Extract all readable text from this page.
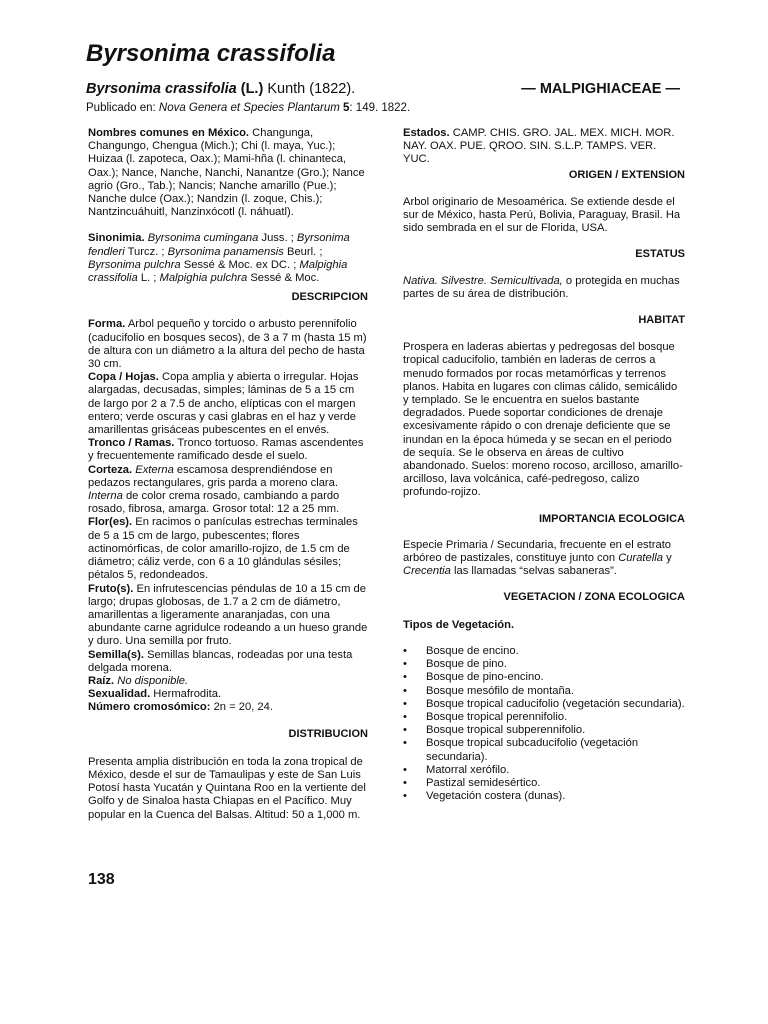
Byrsonima crassifolia
Byrsonima crassifolia (L.) Kunth (1822).	— MALPIGHIACEAE —
Publicado en: Nova Genera et Species Plantarum 5: 149. 1822.

Nombres comunes en México. Changunga, Changungo, Chengua (Mich.); Chi (l. maya, Yuc.); Huizaa (l. zapoteca, Oax.); Mami-hña (l. chinanteca, Oax.); Nance, Nanche, Nanchi, Nanantze (Gro.); Nance agrio (Gro., Tab.); Nancis; Nanche amarillo (Pue.); Nanche dulce (Oax.); Nandzin (l. zoque, Chis.); Nantzincuáhuitl, Nanzinxócotl (l. náhuatl).

Sinonimia. Byrsonima cumingana Juss. ; Byrsonima fendleri Turcz. ; Byrsonima panamensis Beurl. ; Byrsonima pulchra Sessé & Moc. ex DC. ; Malpighia crassifolia L. ; Malpighia pulchra Sessé & Moc.

DESCRIPCION

Forma. Arbol pequeño y torcido o arbusto perennifolio (caducifolio en bosques secos), de 3 a 7 m (hasta 15 m) de altura con un diámetro a la altura del pecho de hasta 30 cm.

Copa / Hojas. Copa amplia y abierta o irregular. Hojas alargadas, decusadas, simples; láminas de 5 a 15 cm de largo por 2 a 7.5 de ancho, elípticas con el margen entero; verde oscuras y casi glabras en el haz y verde amarillentas grisáceas pubescentes en el envés.

Tronco / Ramas. Tronco tortuoso. Ramas ascendentes y frecuentemente ramificado desde el suelo.

Corteza. Externa escamosa desprendiéndose en pedazos rectangulares, gris parda a moreno clara. Interna de color crema rosado, cambiando a pardo rosado, fibrosa, amarga. Grosor total: 12 a 25 mm.

Flor(es). En racimos o panículas estrechas terminales de 5 a 15 cm de largo, pubescentes; flores actinomórficas, de color amarillo-rojizo, de 1.5 cm de diámetro; cáliz verde, con 6 a 10 glándulas sésiles; pétalos 5, redondeados.

Fruto(s). En infrutescencias péndulas de 10 a 15 cm de largo; drupas globosas, de 1.7 a 2 cm de diámetro, amarillentas a ligeramente anaranjadas, con una abundante carne agridulce rodeando a un hueso grande y duro. Una semilla por fruto.

Semilla(s). Semillas blancas, rodeadas por una testa delgada morena.

Raíz. No disponible.

Sexualidad. Hermafrodita.

Número cromosómico: 2n = 20, 24.

DISTRIBUCION

Presenta amplia distribución en toda la zona tropical de México, desde el sur de Tamaulipas y este de San Luis Potosí hasta Yucatán y Quintana Roo en la vertiente del Golfo y de Sinaloa hasta Chiapas en el Pacífico. Muy popular en la Cuenca del Balsas. Altitud: 50 a 1,000 m.

Estados. CAMP. CHIS. GRO. JAL. MEX. MICH. MOR. NAY. OAX. PUE. QROO. SIN. S.L.P. TAMPS. VER. YUC.

ORIGEN / EXTENSION

Arbol originario de Mesoamérica. Se extiende desde el sur de México, hasta Perú, Bolivia, Paraguay, Brasil. Ha sido sembrada en el sur de Florida, USA.

ESTATUS

Nativa. Silvestre. Semicultivada, o protegida en muchas partes de su área de distribución.

HABITAT

Prospera en laderas abiertas y pedregosas del bosque tropical caducifolio, también en laderas de cerros a menudo formados por rocas metamórficas y terrenos planos. Habita en lugares con climas cálido, semicálido y templado. Se le encuentra en suelos bastante degradados. Puede soportar condiciones de drenaje excesivamente rápido o con drenaje deficiente que se inundan en la época húmeda y se secan en el periodo de sequía. Se le observa en áreas de cultivo abandonado. Suelos: moreno rocoso, arcilloso, amarillo-arcilloso, lava volcánica, café-pedregoso, calizo profundo-rojizo.

IMPORTANCIA ECOLOGICA

Especie Primaria / Secundaria, frecuente en el estrato arbóreo de pastizales, constituye junto con Curatella y Crecentia las llamadas “selvas sabaneras”.

VEGETACION / ZONA ECOLOGICA

Tipos de Vegetación.

• Bosque de encino.
• Bosque de pino.
• Bosque de pino-encino.
• Bosque mesófilo de montaña.
• Bosque tropical caducifolio (vegetación secundaria).
• Bosque tropical perennifolio.
• Bosque tropical subperennifolio.
• Bosque tropical subcaducifolio (vegetación secundaria).
• Matorral xerófilo.
• Pastizal semidesértico.
• Vegetación costera (dunas).
138
